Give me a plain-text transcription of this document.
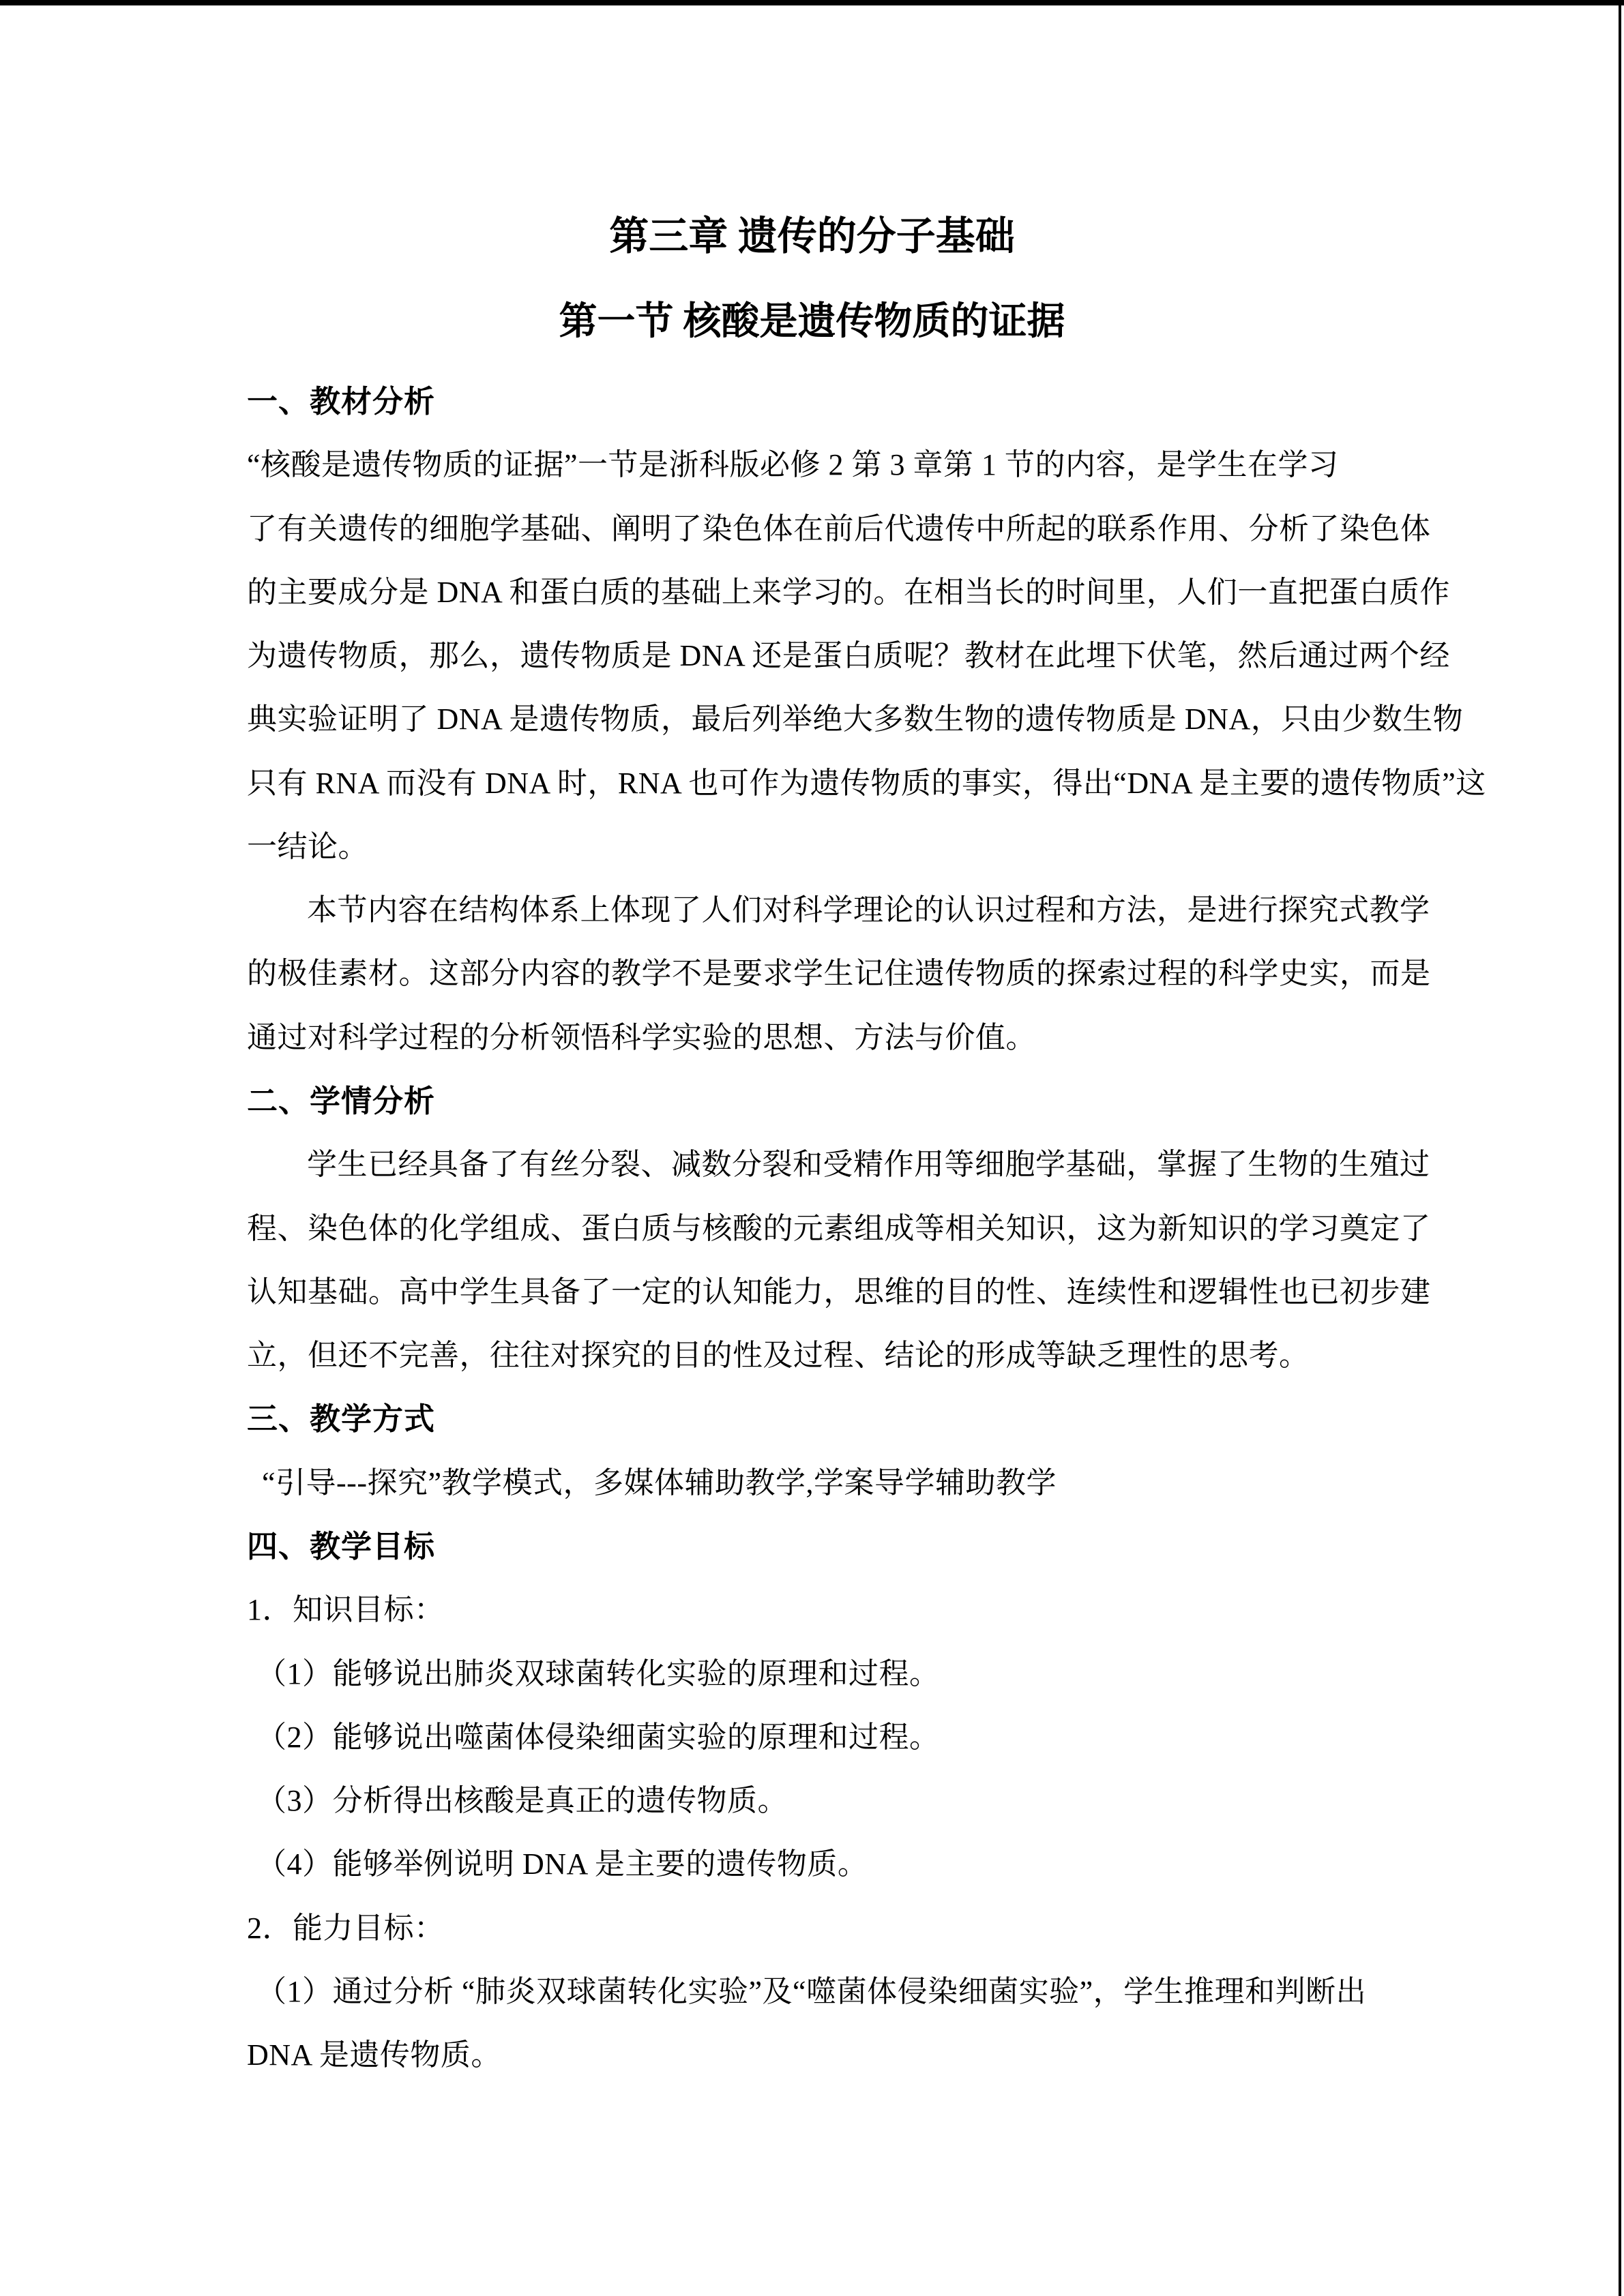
第三章 遗传的分子基础
第一节 核酸是遗传物质的证据
一、教材分析
“核酸是遗传物质的证据”一节是浙科版必修 2 第 3 章第 1 节的内容，是学生在学习
了有关遗传的细胞学基础、阐明了染色体在前后代遗传中所起的联系作用、分析了染色体
的主要成分是 DNA 和蛋白质的基础上来学习的。在相当长的时间里，人们一直把蛋白质作
为遗传物质，那么，遗传物质是 DNA 还是蛋白质呢？教材在此埋下伏笔，然后通过两个经
典实验证明了 DNA 是遗传物质，最后列举绝大多数生物的遗传物质是 DNA，只由少数生物
只有 RNA 而没有 DNA 时，RNA 也可作为遗传物质的事实，得出“DNA 是主要的遗传物质”这
一结论。
本节内容在结构体系上体现了人们对科学理论的认识过程和方法，是进行探究式教学
的极佳素材。这部分内容的教学不是要求学生记住遗传物质的探索过程的科学史实，而是
通过对科学过程的分析领悟科学实验的思想、方法与价值。
二、学情分析
学生已经具备了有丝分裂、减数分裂和受精作用等细胞学基础，掌握了生物的生殖过
程、染色体的化学组成、蛋白质与核酸的元素组成等相关知识，这为新知识的学习奠定了
认知基础。高中学生具备了一定的认知能力，思维的目的性、连续性和逻辑性也已初步建
立，但还不完善，往往对探究的目的性及过程、结论的形成等缺乏理性的思考。
三、教学方式
“引导---探究”教学模式，多媒体辅助教学,学案导学辅助教学
四、教学目标
1．知识目标：
（1）能够说出肺炎双球菌转化实验的原理和过程。
（2）能够说出噬菌体侵染细菌实验的原理和过程。
（3）分析得出核酸是真正的遗传物质。
（4）能够举例说明 DNA 是主要的遗传物质。
2．能力目标：
（1）通过分析 “肺炎双球菌转化实验”及“噬菌体侵染细菌实验”，学生推理和判断出
DNA 是遗传物质。
